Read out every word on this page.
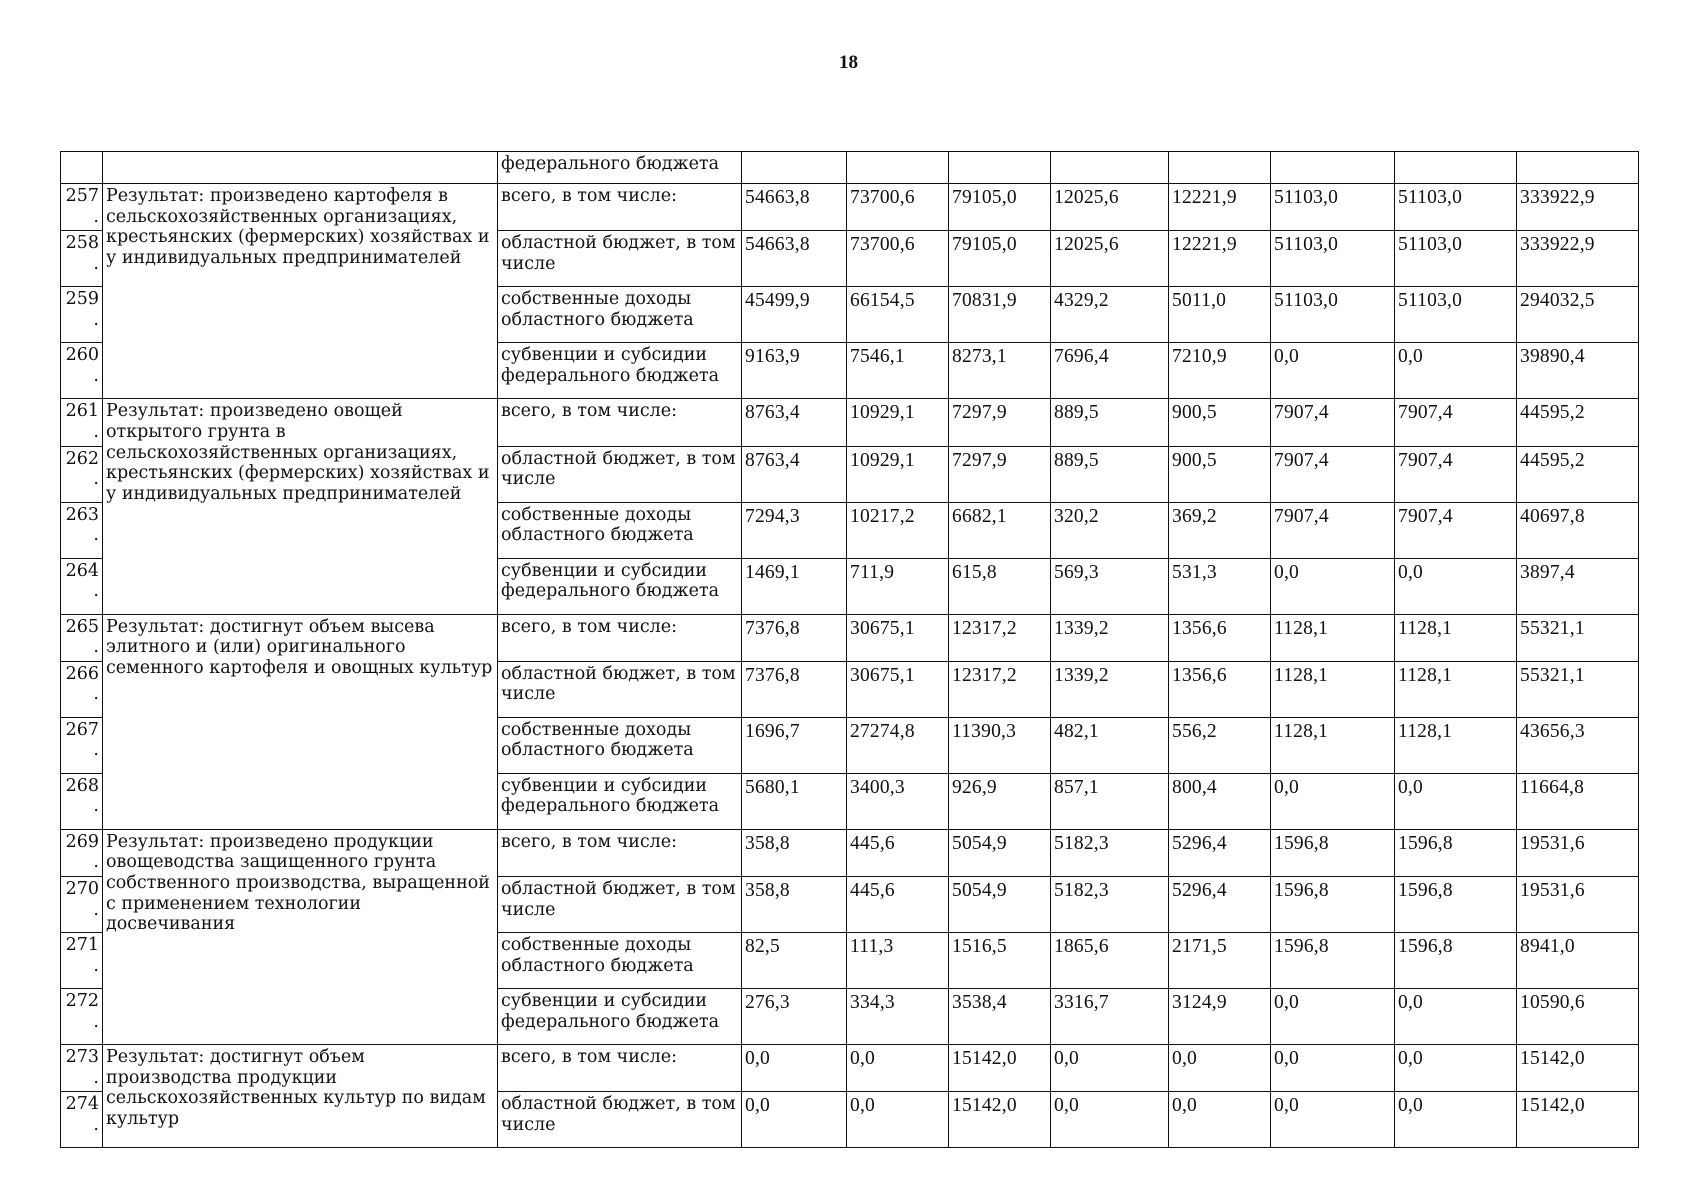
18
		федерального бюджета								
257.	Результат: произведено картофеля в сельскохозяйственных организациях, крестьянских (фермерских) хозяйствах и у индивидуальных предпринимателей	всего, в том числе:	54663,8	73700,6	79105,0	12025,6	12221,9	51103,0	51103,0	333922,9
258.		областной бюджет, в том числе	54663,8	73700,6	79105,0	12025,6	12221,9	51103,0	51103,0	333922,9
259.		собственные доходы областного бюджета	45499,9	66154,5	70831,9	4329,2	5011,0	51103,0	51103,0	294032,5
260.		субвенции и субсидии федерального бюджета	9163,9	7546,1	8273,1	7696,4	7210,9	0,0	0,0	39890,4
261.	Результат: произведено овощей открытого грунта в сельскохозяйственных организациях, крестьянских (фермерских) хозяйствах и у индивидуальных предпринимателей	всего, в том числе:	8763,4	10929,1	7297,9	889,5	900,5	7907,4	7907,4	44595,2
262.		областной бюджет, в том числе	8763,4	10929,1	7297,9	889,5	900,5	7907,4	7907,4	44595,2
263.		собственные доходы областного бюджета	7294,3	10217,2	6682,1	320,2	369,2	7907,4	7907,4	40697,8
264.		субвенции и субсидии федерального бюджета	1469,1	711,9	615,8	569,3	531,3	0,0	0,0	3897,4
265.	Результат: достигнут объем высева элитного и (или) оригинального семенного картофеля и овощных культур	всего, в том числе:	7376,8	30675,1	12317,2	1339,2	1356,6	1128,1	1128,1	55321,1
266.		областной бюджет, в том числе	7376,8	30675,1	12317,2	1339,2	1356,6	1128,1	1128,1	55321,1
267.		собственные доходы областного бюджета	1696,7	27274,8	11390,3	482,1	556,2	1128,1	1128,1	43656,3
268.		субвенции и субсидии федерального бюджета	5680,1	3400,3	926,9	857,1	800,4	0,0	0,0	11664,8
269.	Результат: произведено продукции овощеводства защищенного грунта собственного производства, выращенной с применением технологии досвечивания	всего, в том числе:	358,8	445,6	5054,9	5182,3	5296,4	1596,8	1596,8	19531,6
270.		областной бюджет, в том числе	358,8	445,6	5054,9	5182,3	5296,4	1596,8	1596,8	19531,6
271.		собственные доходы областного бюджета	82,5	111,3	1516,5	1865,6	2171,5	1596,8	1596,8	8941,0
272.		субвенции и субсидии федерального бюджета	276,3	334,3	3538,4	3316,7	3124,9	0,0	0,0	10590,6
273.	Результат: достигнут объем производства продукции сельскохозяйственных культур по видам культур	всего, в том числе:	0,0	0,0	15142,0	0,0	0,0	0,0	0,0	15142,0
274.		областной бюджет, в том числе	0,0	0,0	15142,0	0,0	0,0	0,0	0,0	15142,0
